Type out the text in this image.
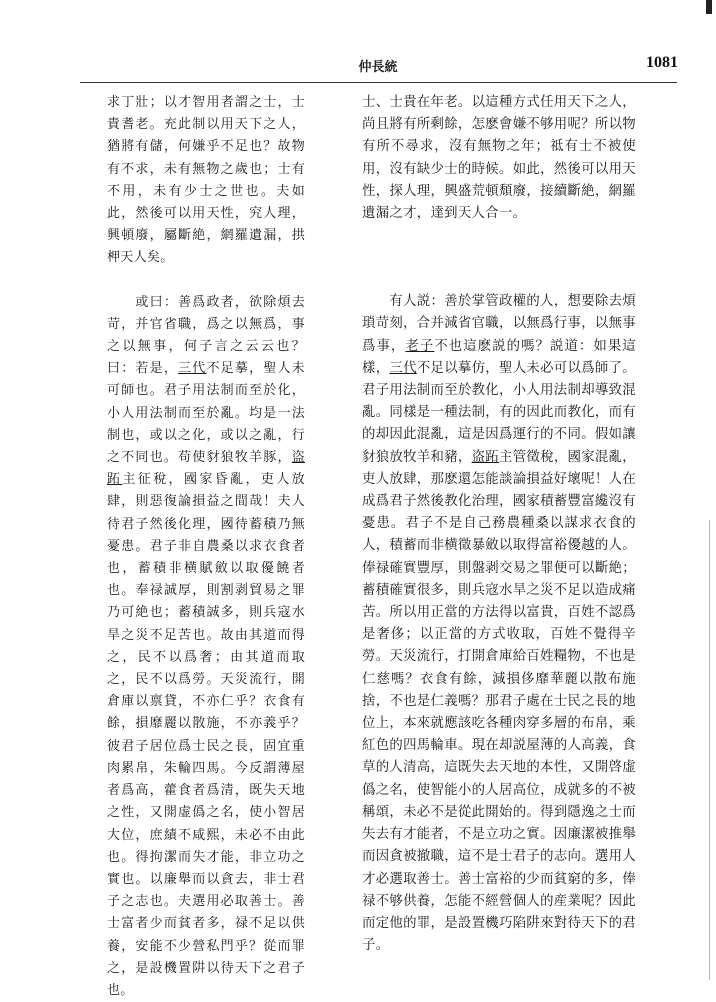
仲長統	1081

求丁壯；以才智用者謂之士，士貴耆老。充此制以用天下之人，猶將有儲，何嫌乎不足也？故物有不求，未有無物之歲也；士有不用，未有少士之世也。夫如此，然後可以用天性，究人理，興頓廢，屬斷絶，網羅遺漏，拱柙天人矣。

　　或曰：善爲政者，欲除煩去苛，并官省職，爲之以無爲，事之以無事，何子言之云云也？曰：若是，三代不足摹，聖人未可師也。君子用法制而至於化，小人用法制而至於亂。均是一法制也，或以之化，或以之亂，行之不同也。苟使豺狼牧羊豚，盗跖主征稅，國家昏亂，吏人放肆，則惡復論損益之間哉！夫人待君子然後化理，國待蓄積乃無憂患。君子非自農桑以求衣食者也，蓄積非横賦斂以取優饒者也。奉禄誠厚，則割剥貿易之罪乃可絶也；蓄積誠多，則兵寇水旱之災不足苦也。故由其道而得之，民不以爲奢；由其道而取之，民不以爲勞。天災流行，開倉庫以禀貸，不亦仁乎？衣食有餘，損靡麗以散施，不亦義乎？彼君子居位爲士民之長，固宜重肉累帛，朱輪四馬。今反謂薄屋者爲高，藿食者爲清，既失天地之性，又開虚僞之名，使小智居大位，庶績不咸熙，未必不由此也。得拘潔而失才能，非立功之實也。以廉舉而以貪去，非士君子之志也。夫選用必取善士。善士富者少而貧者多，禄不足以供養，安能不少營私門乎？從而罪之，是設機置阱以待天下之君子也。

士、士貴在年老。以這種方式任用天下之人，尚且將有所剩餘，怎麽會嫌不够用呢？所以物有所不尋求，沒有無物之年；祗有士不被使用，沒有缺少士的時候。如此，然後可以用天性，探人理，興盛荒頓頹廢，接續斷絶，網羅遺漏之才，達到天人合一。

　　有人説：善於掌管政權的人，想要除去煩瑣苛刻，合并減省官職，以無爲行事，以無事爲事，老子不也這麽説的嗎？説道：如果這樣，三代不足以摹仿，聖人未必可以爲師了。君子用法制而至於教化，小人用法制却導致混亂。同樣是一種法制，有的因此而教化，而有的却因此混亂，這是因爲運行的不同。假如讓豺狼放牧羊和豬，盗跖主管徵稅，國家混亂，吏人放肆，那麽還怎能談論損益好壞呢！人在成爲君子然後教化治理，國家積蓄豐富纔沒有憂患。君子不是自己務農種桑以謀求衣食的人，積蓄而非横徵暴斂以取得富裕優越的人。俸禄確實豐厚，則盤剥交易之罪便可以斷絶；蓄積確實很多，則兵寇水旱之災不足以造成痛苦。所以用正當的方法得以富貴，百姓不認爲是奢侈；以正當的方式收取，百姓不覺得辛勞。天災流行，打開倉庫給百姓糧物，不也是仁慈嗎？衣食有餘，減損侈靡華麗以散布施捨，不也是仁義嗎？那君子處在士民之長的地位上，本來就應該吃各種肉穿多層的布帛，乘紅色的四馬輪車。現在却説屋薄的人高義，食草的人清高，這既失去天地的本性，又開啓虚僞之名，使智能小的人居高位，成就多的不被稱頌，未必不是從此開始的。得到隱逸之士而失去有才能者，不是立功之實。因廉潔被推舉而因貪被撤職，這不是士君子的志向。選用人才必選取善士。善士富裕的少而貧窮的多，俸禄不够供養，怎能不經營個人的産業呢？因此而定他的罪，是設置機巧陷阱來對待天下的君子。
